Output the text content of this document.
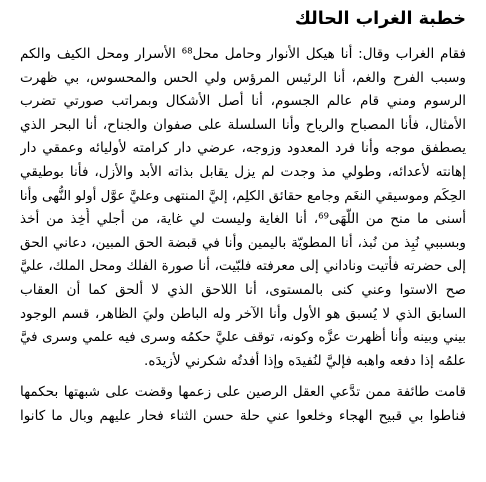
خطبة الغراب الحالك
فقام الغراب وقال: أنا هيكل الأنوار وحامل محل⁶⁸ الأسرار ومحل الكيف والكم
وسبب الفرح والغم، أنا الرئيس المرؤس ولي الحس والمحسوس، بي ظهرت
الرسوم ومني قام عالم الجسوم، أنا أصل الأشكال وبمراتب صورتي تضرب
الأمثال، فأنا المصباح والرياح وأنا السلسلة على صفوان والجناح، أنا البحر الذي
يصطفق موجه وأنا فرد المعدود وزوجه، عرضي دار كرامته لأوليائه وعمقي دار
إهانته لأعدائه، وطولي مذ وجدت لم يزل يقابل بذاته الأبد والأزل، فأنا بوطيقي
الحِكَم وموسيقي النغَم وجامع حقائق الكلِم، إليَّ المنتهى وعليَّ عوَّل أولو النُّهى وأنا
أسنى ما منح من اللُّهَى⁶⁹، أنا الغاية وليست لي غاية، من أجلي أُخِذ من أخذ
وبسببي نُبِذ من نُبذ، أنا المطويّة باليمين وأنا في قبضة الحق المبين، دعاني الحق
إلى حضرته فأتيت وناداني إلى معرفته فلبّيت، أنا صورة الفلك ومحل الملك، عليَّ
صح الاستوا وعني كنى بالمستوى، أنا اللاحق الذي لا ألحق كما أن العقاب
السابق الذي لا يُسبق هو الأول وأنا الآخر وله الباطن وليَ الظاهر، قسم الوجود
بيني وبينه وأنا أظهرت عزَّه وكونه، توقف عليَّ حكمُه وسرى فيه علمي وسرى فيَّ
علمُه إذا دفعه واهبه فإليَّ لنُفيدَه وإذا أفدتُه شكرني لأزيدَه.
قامت طائفة ممن تدَّعي العقل الرصين على زعمها وقضت على شبهتها بحكمها
فناطوا بي قبيح الهجاء وخلعوا عني حلة حسن الثناء فحار عليهم وبال ما كانوا
